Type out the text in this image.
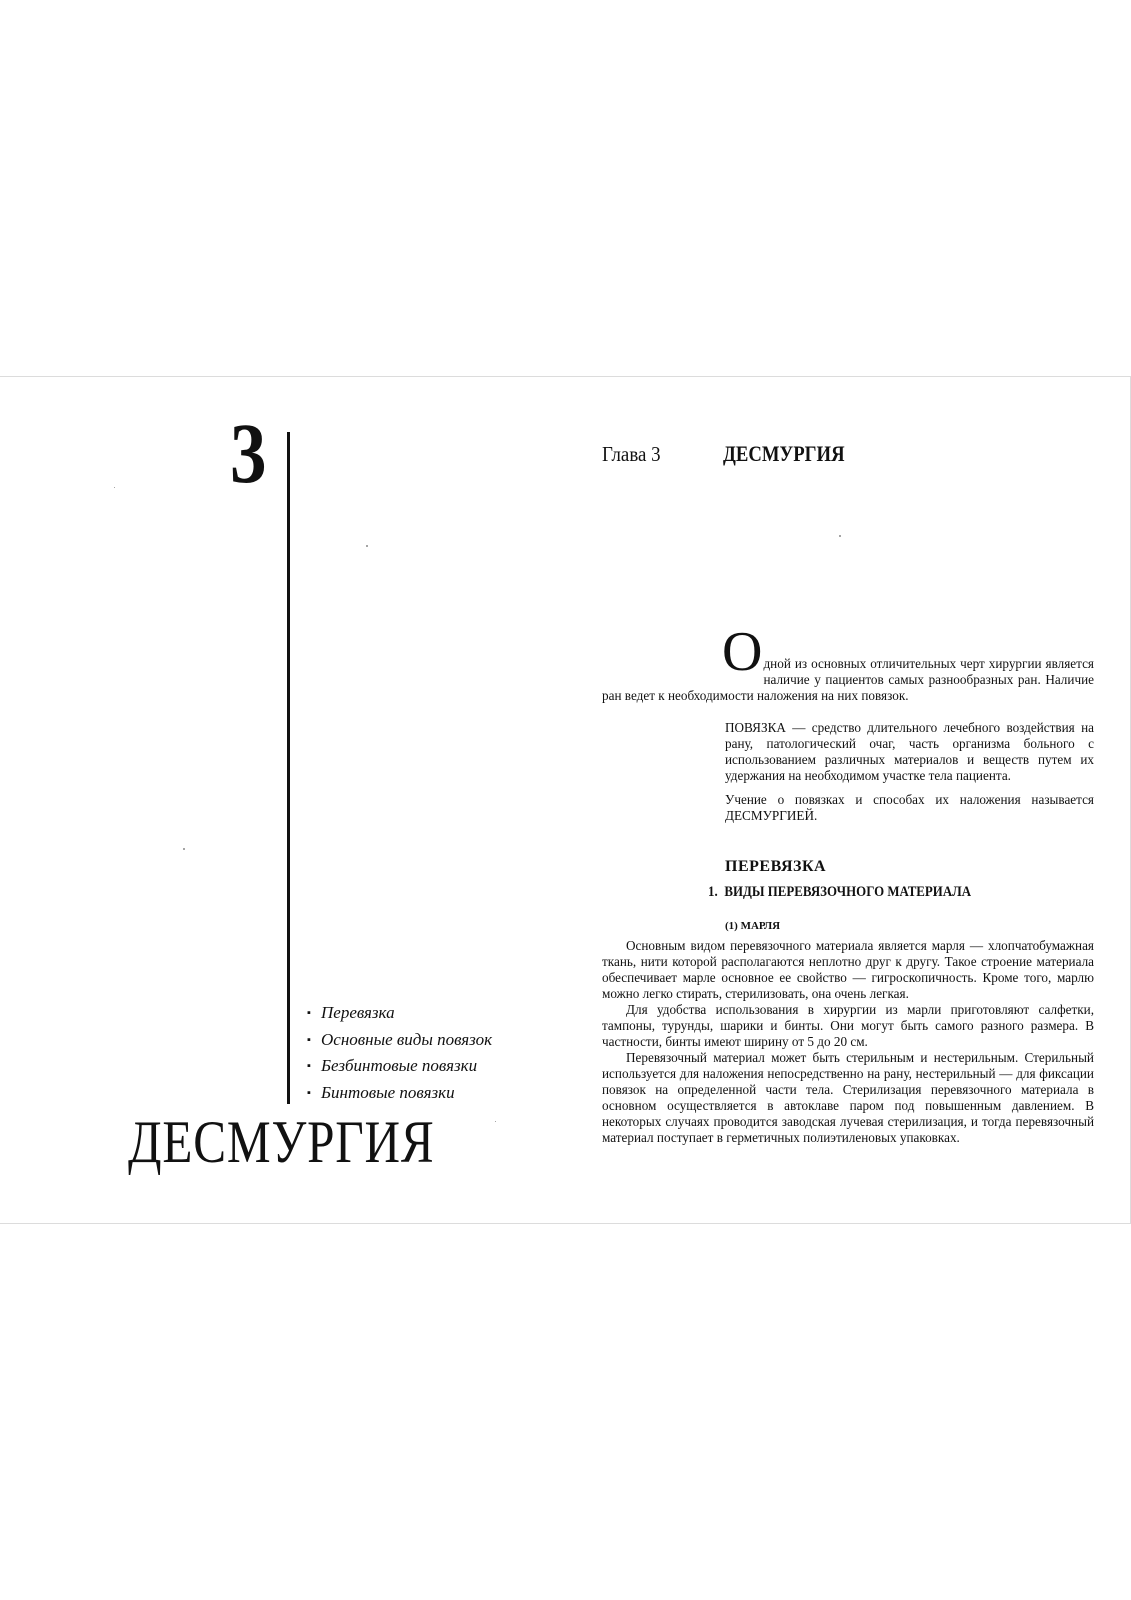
3
▪ Перевязка
▪ Основные виды повязок
▪ Безбинтовые повязки
▪ Бинтовые повязки
ДЕСМУРГИЯ
Глава 3	ДЕСМУРГИЯ
О дной из основных отличительных черт хирургии является наличие у пациентов самых разнообразных ран. Наличие ран ведет к необходимости наложения на них повязок.

ПОВЯЗКА — средство длительного лечебного воздействия на рану, патологический очаг, часть организма больного с использованием различных материалов и веществ путем их удержания на необходимом участке тела пациента.

Учение о повязках и способах их наложения называется ДЕСМУРГИЕЙ.

ПЕРЕВЯЗКА
1. ВИДЫ ПЕРЕВЯЗОЧНОГО МАТЕРИАЛА
(1) МАРЛЯ

Основным видом перевязочного материала является марля — хлопчатобумажная ткань, нити которой располагаются неплотно друг к другу. Такое строение материала обеспечивает марле основное ее свойство — гигроскопичность. Кроме того, марлю можно легко стирать, стерилизовать, она очень легкая.

Для удобства использования в хирургии из марли приготовляют салфетки, тампоны, турунды, шарики и бинты. Они могут быть самого разного размера. В частности, бинты имеют ширину от 5 до 20 см.

Перевязочный материал может быть стерильным и нестерильным. Стерильный используется для наложения непосредственно на рану, нестерильный — для фиксации повязок на определенной части тела. Стерилизация перевязочного материала в основном осуществляется в автоклаве паром под повышенным давлением. В некоторых случаях проводится заводская лучевая стерилизация, и тогда перевязочный материал поступает в герметичных полиэтиленовых упаковках.
